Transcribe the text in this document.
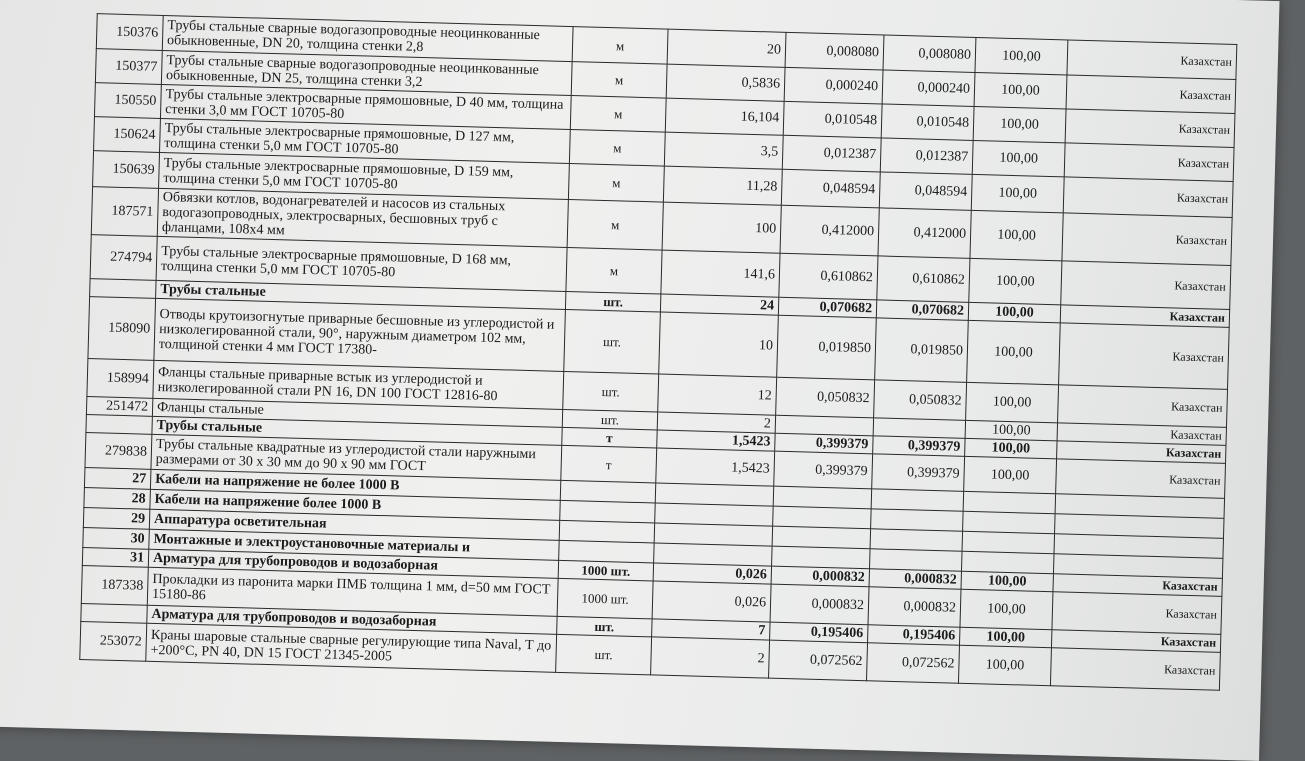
150376	Трубы стальные сварные водогазопроводные неоцинкованные обыкновенные, DN 20, толщина стенки 2,8	м	20	0,008080	0,008080	100,00	Казахстан
150377	Трубы стальные сварные водогазопроводные неоцинкованные обыкновенные, DN 25, толщина стенки 3,2	м	0,5836	0,000240	0,000240	100,00	Казахстан
150550	Трубы стальные электросварные прямошовные, D 40 мм, толщина стенки 3,0 мм ГОСТ 10705-80	м	16,104	0,010548	0,010548	100,00	Казахстан
150624	Трубы стальные электросварные прямошовные, D 127 мм, толщина стенки 5,0 мм ГОСТ 10705-80	м	3,5	0,012387	0,012387	100,00	Казахстан
150639	Трубы стальные электросварные прямошовные, D 159 мм, толщина стенки 5,0 мм ГОСТ 10705-80	м	11,28	0,048594	0,048594	100,00	Казахстан
187571	Обвязки котлов, водонагревателей и насосов из стальных водогазопроводных, электросварных, бесшовных труб с фланцами, 108х4 мм	м	100	0,412000	0,412000	100,00	Казахстан
274794	Трубы стальные электросварные прямошовные, D 168 мм, толщина стенки 5,0 мм ГОСТ 10705-80	м	141,6	0,610862	0,610862	100,00	Казахстан
	Трубы стальные	шт.	24	0,070682	0,070682	100,00	Казахстан
158090	Отводы крутоизогнутые приварные бесшовные из углеродистой и низколегированной стали, 90°, наружным диаметром 102 мм, толщиной стенки 4 мм ГОСТ 17380-	шт.	10	0,019850	0,019850	100,00	Казахстан
158994	Фланцы стальные приварные встык из углеродистой и низколегированной стали PN 16, DN 100 ГОСТ 12816-80	шт.	12	0,050832	0,050832	100,00	Казахстан
251472	Фланцы стальные	шт.	2			100,00	Казахстан
	Трубы стальные	т	1,5423	0,399379	0,399379	100,00	Казахстан
279838	Трубы стальные квадратные из углеродистой стали наружными размерами от 30 х 30 мм до 90 х 90 мм ГОСТ	т	1,5423	0,399379	0,399379	100,00	Казахстан
27	Кабели на напряжение не более 1000 В						
28	Кабели на напряжение более 1000 В						
29	Аппаратура осветительная						
30	Монтажные и электроустановочные материалы и						
31	Арматура для трубопроводов и водозаборная	1000 шт.	0,026	0,000832	0,000832	100,00	Казахстан
187338	Прокладки из паронита марки ПМБ толщина 1 мм, d=50 мм ГОСТ 15180-86	1000 шт.	0,026	0,000832	0,000832	100,00	Казахстан
	Арматура для трубопроводов и водозаборная	шт.	7	0,195406	0,195406	100,00	Казахстан
253072	Краны шаровые стальные сварные регулирующие типа Naval, Т до +200°С, PN 40, DN 15 ГОСТ 21345-2005	шт.	2	0,072562	0,072562	100,00	Казахстан
